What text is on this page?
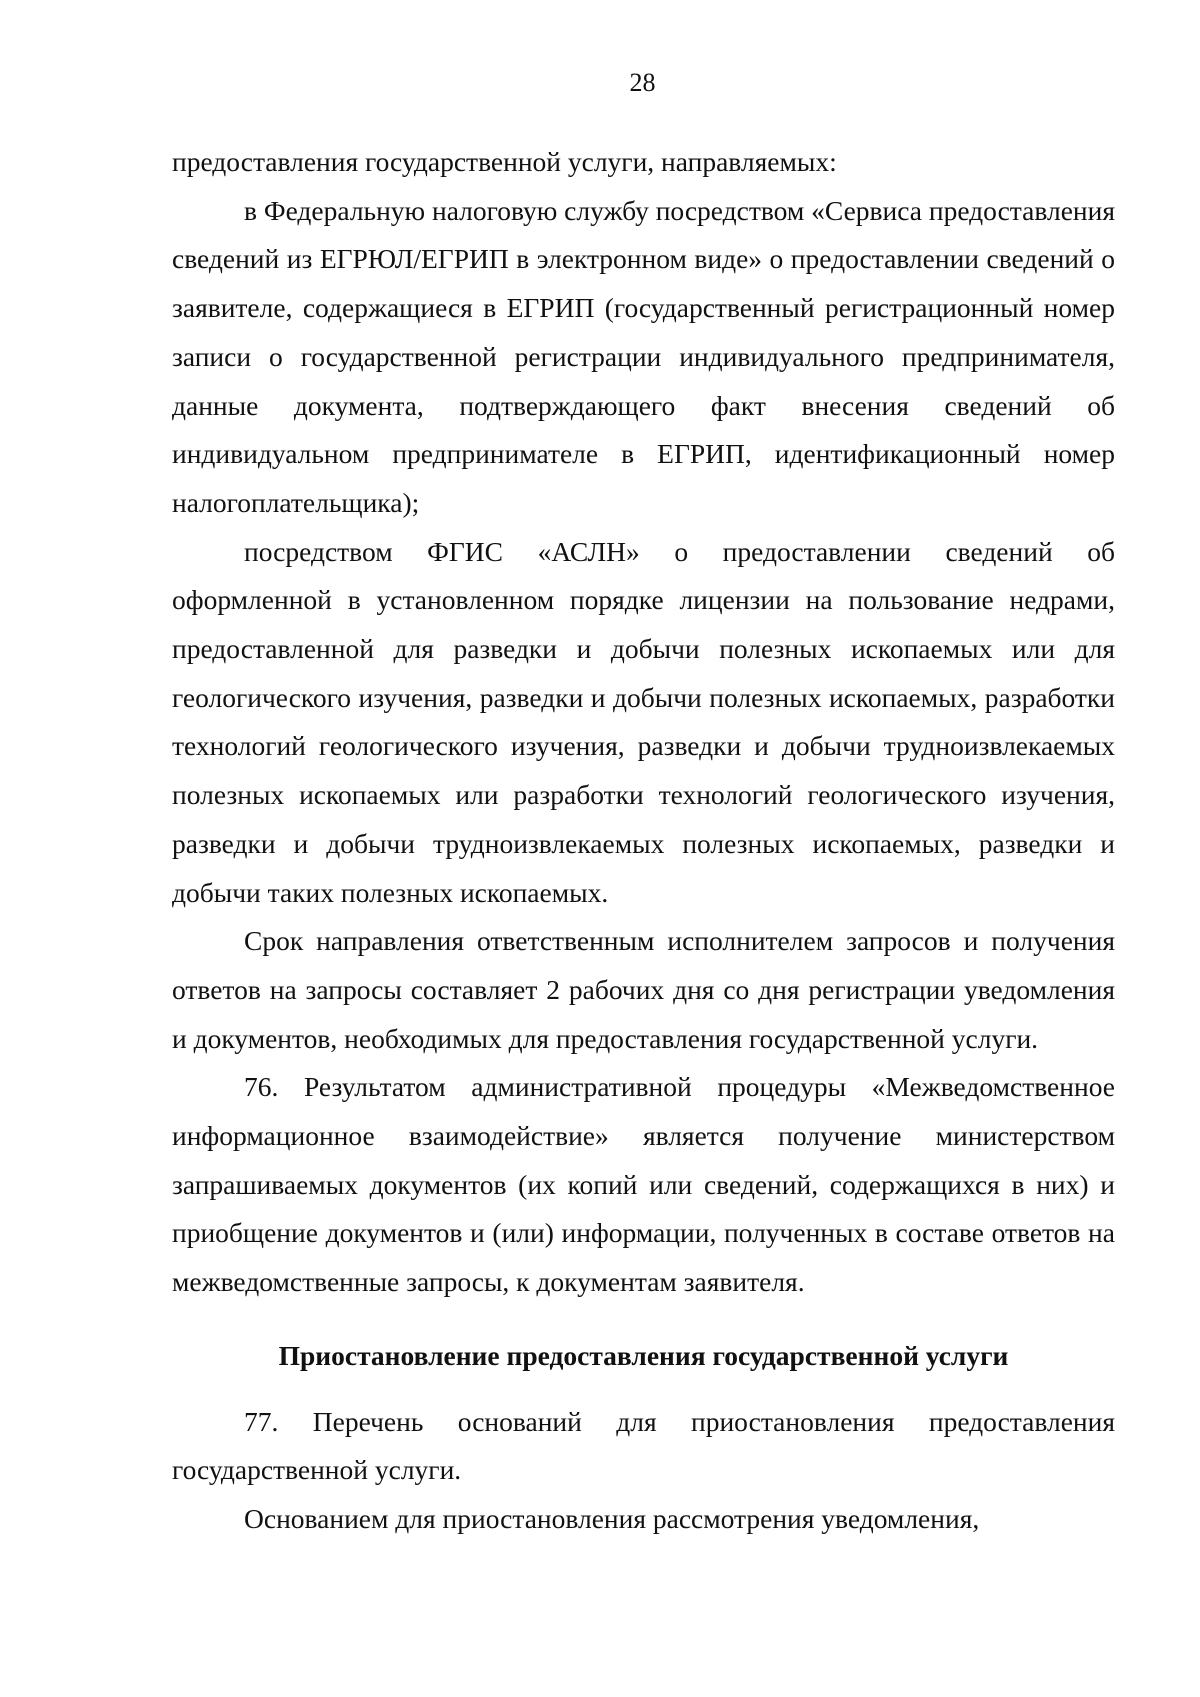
28

предоставления государственной услуги, направляемых:

в Федеральную налоговую службу посредством «Сервиса предоставления сведений из ЕГРЮЛ/ЕГРИП в электронном виде» о предоставлении сведений о заявителе, содержащиеся в ЕГРИП (государственный регистрационный номер записи о государственной регистрации индивидуального предпринимателя, данные документа, подтверждающего факт внесения сведений об индивидуальном предпринимателе в ЕГРИП, идентификационный номер налогоплательщика);

посредством ФГИС «АСЛН» о предоставлении сведений об оформленной в установленном порядке лицензии на пользование недрами, предоставленной для разведки и добычи полезных ископаемых или для геологического изучения, разведки и добычи полезных ископаемых, разработки технологий геологического изучения, разведки и добычи трудноизвлекаемых полезных ископаемых или разработки технологий геологического изучения, разведки и добычи трудноизвлекаемых полезных ископаемых, разведки и добычи таких полезных ископаемых.

Срок направления ответственным исполнителем запросов и получения ответов на запросы составляет 2 рабочих дня со дня регистрации уведомления и документов, необходимых для предоставления государственной услуги.

76. Результатом административной процедуры «Межведомственное информационное взаимодействие» является получение министерством запрашиваемых документов (их копий или сведений, содержащихся в них) и приобщение документов и (или) информации, полученных в составе ответов на межведомственные запросы, к документам заявителя.

Приостановление предоставления государственной услуги

77. Перечень оснований для приостановления предоставления государственной услуги.

Основанием для приостановления рассмотрения уведомления,
